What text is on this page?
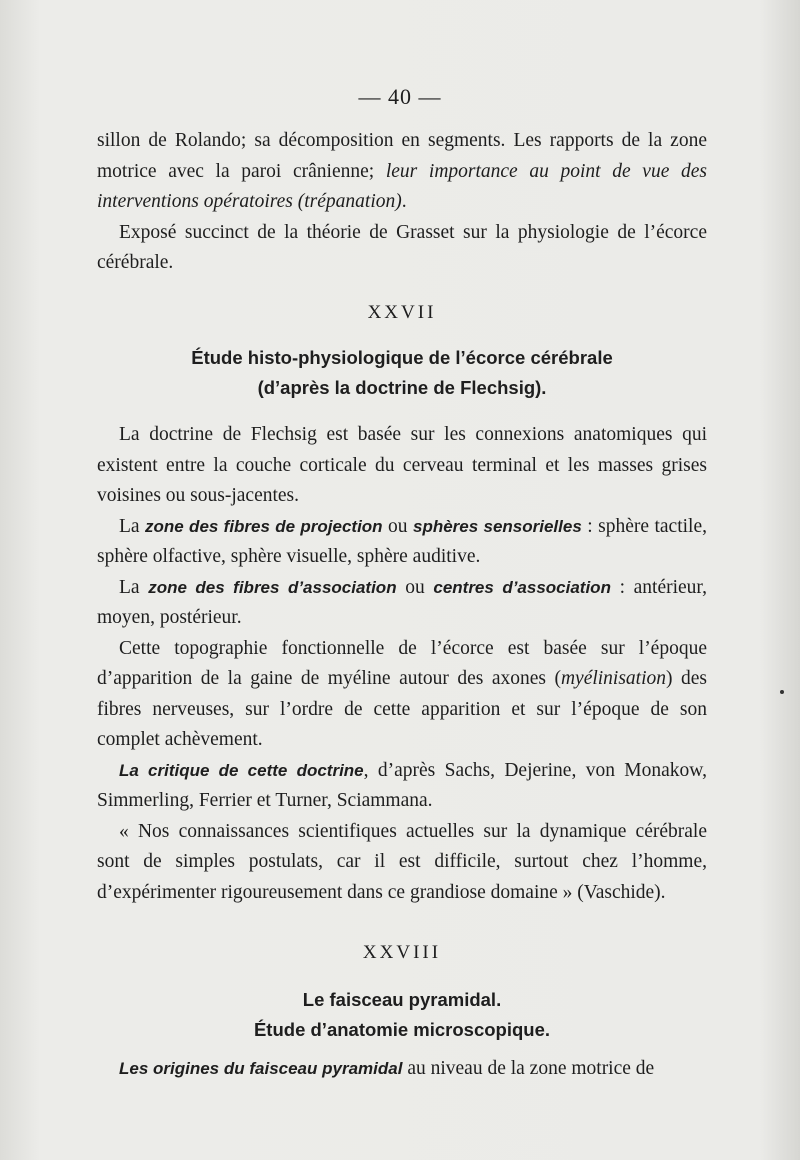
— 40 —

sillon de Rolando; sa décomposition en segments. Les rapports de la zone motrice avec la paroi crânienne; leur importance au point de vue des interventions opératoires (trépanation).

Exposé succinct de la théorie de Grasset sur la physiologie de l’écorce cérébrale.

XXVII

Étude histo-physiologique de l’écorce cérébrale

(d’après la doctrine de Flechsig).

La doctrine de Flechsig est basée sur les connexions anatomiques qui existent entre la couche corticale du cerveau terminal et les masses grises voisines ou sous-jacentes.

La zone des fibres de projection ou sphères sensorielles : sphère tactile, sphère olfactive, sphère visuelle, sphère auditive.

La zone des fibres d’association ou centres d’association : antérieur, moyen, postérieur.

Cette topographie fonctionnelle de l’écorce est basée sur l’époque d’apparition de la gaine de myéline autour des axones (myélinisation) des fibres nerveuses, sur l’ordre de cette apparition et sur l’époque de son complet achèvement.

La critique de cette doctrine, d’après Sachs, Dejerine, von Monakow, Simmerling, Ferrier et Turner, Sciammana.

« Nos connaissances scientifiques actuelles sur la dynamique cérébrale sont de simples postulats, car il est difficile, surtout chez l’homme, d’expérimenter rigoureusement dans ce grandiose domaine » (Vaschide).

XXVIII

Le faisceau pyramidal.

Étude d’anatomie microscopique.

Les origines du faisceau pyramidal au niveau de la zone motrice de
